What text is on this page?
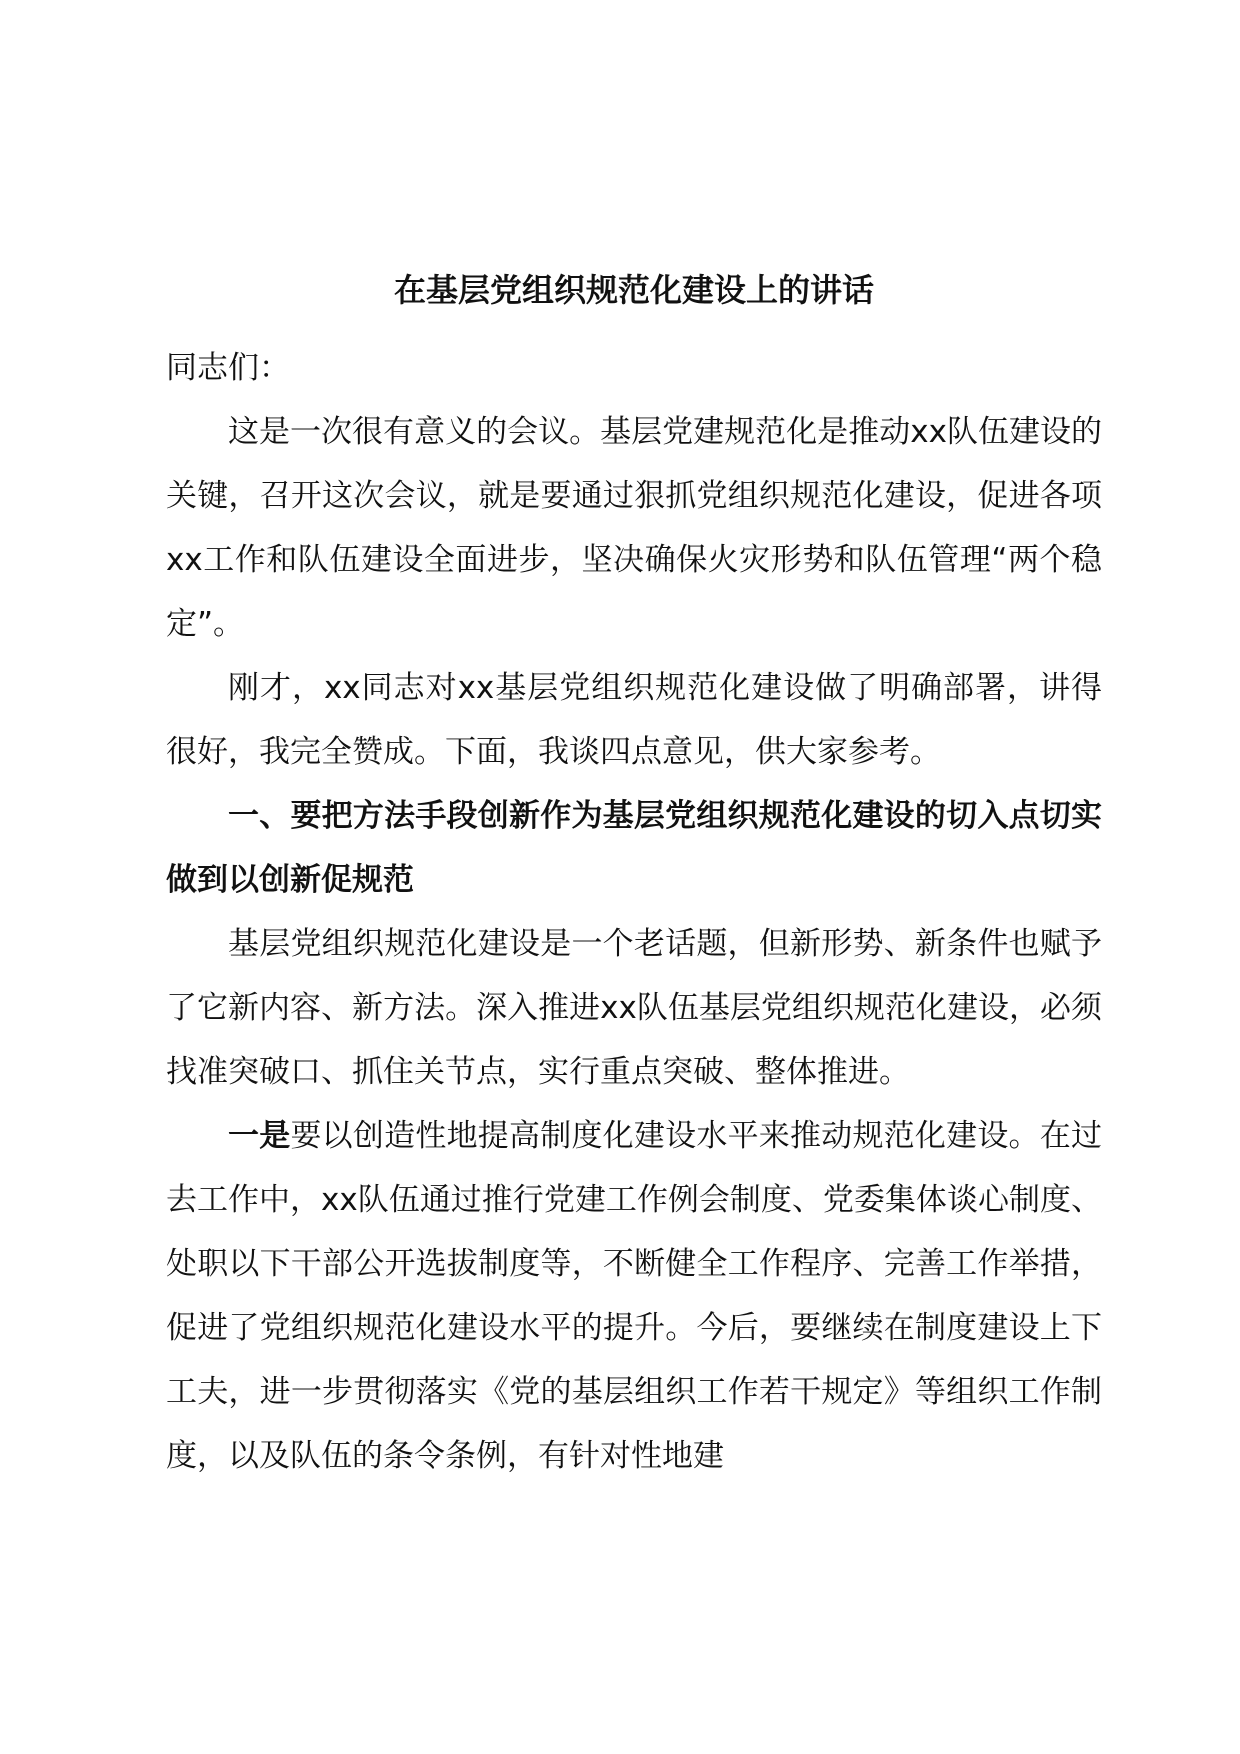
在基层党组织规范化建设上的讲话

同志们：

这是一次很有意义的会议。基层党建规范化是推动xx队伍建设的关键，召开这次会议，就是要通过狠抓党组织规范化建设，促进各项xx工作和队伍建设全面进步，坚决确保火灾形势和队伍管理“两个稳定”。

刚才，xx同志对xx基层党组织规范化建设做了明确部署，讲得很好，我完全赞成。下面，我谈四点意见，供大家参考。

一、要把方法手段创新作为基层党组织规范化建设的切入点切实做到以创新促规范

基层党组织规范化建设是一个老话题，但新形势、新条件也赋予了它新内容、新方法。深入推进xx队伍基层党组织规范化建设，必须找准突破口、抓住关节点，实行重点突破、整体推进。

一是要以创造性地提高制度化建设水平来推动规范化建设。在过去工作中，xx队伍通过推行党建工作例会制度、党委集体谈心制度、处职以下干部公开选拔制度等，不断健全工作程序、完善工作举措，促进了党组织规范化建设水平的提升。今后，要继续在制度建设上下工夫，进一步贯彻落实《党的基层组织工作若干规定》等组织工作制度，以及队伍的条令条例，有针对性地建
